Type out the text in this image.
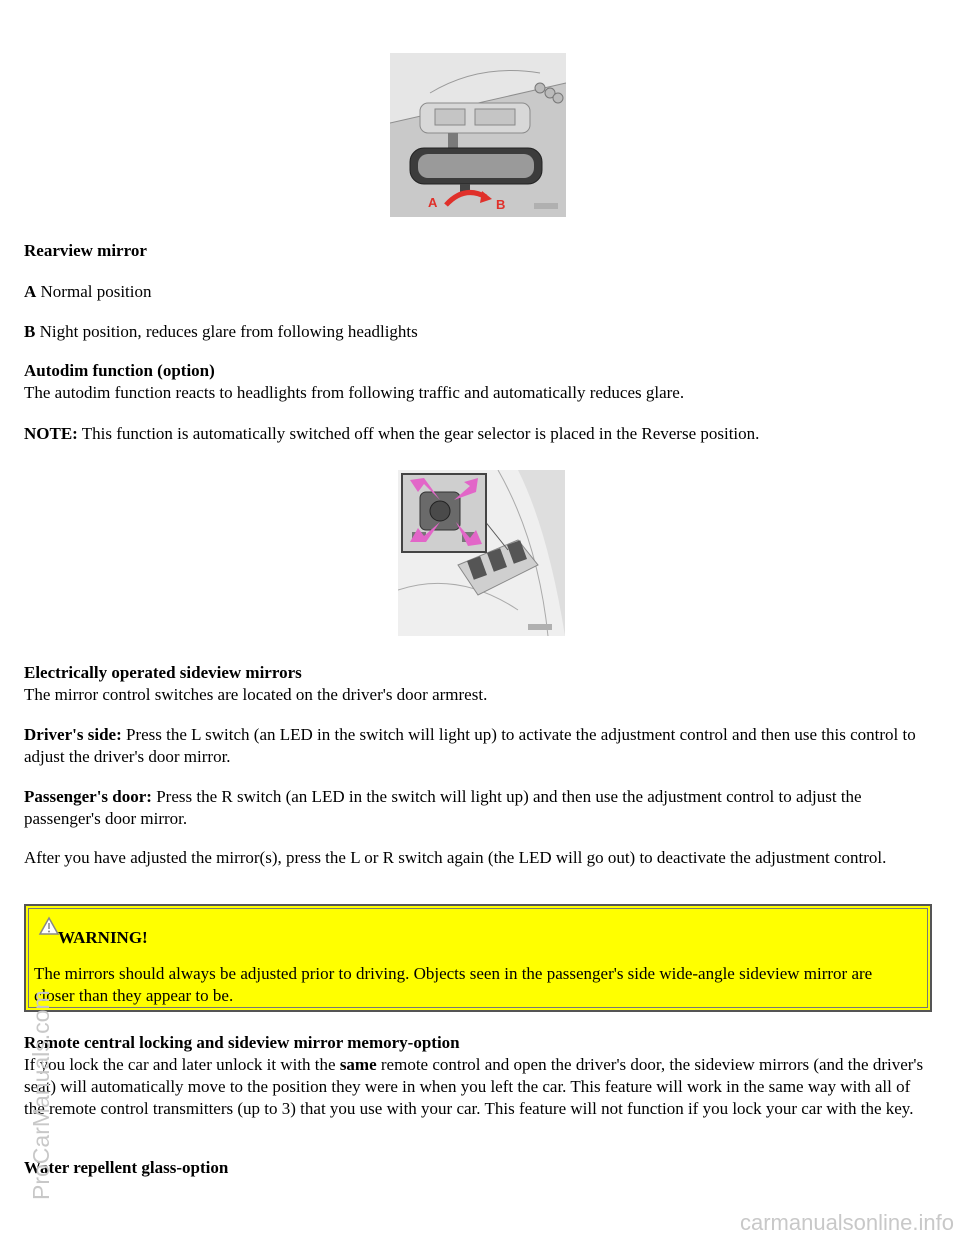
A	B

Rearview mirror

A Normal position

B Night position, reduces glare from following headlights

Autodim function (option)

The autodim function reacts to headlights from following traffic and automatically reduces glare.

NOTE: This function is automatically switched off when the gear selector is placed in the Reverse position.

Electrically operated sideview mirrors

The mirror control switches are located on the driver's door armrest.

Driver's side: Press the L switch (an LED in the switch will light up) to activate the adjustment control and then use this control to adjust the driver's door mirror.

Passenger's door: Press the R switch (an LED in the switch will light up) and then use the adjustment control to adjust the passenger's door mirror.

After you have adjusted the mirror(s), press the L or R switch again (the LED will go out) to deactivate the adjustment control.

WARNING!

The mirrors should always be adjusted prior to driving. Objects seen in the passenger's side wide-angle sideview mirror are closer than they appear to be.

Remote central locking and sideview mirror memory-option

If you lock the car and later unlock it with the same remote control and open the driver's door, the sideview mirrors (and the driver's seat) will automatically move to the position they were in when you left the car. This feature will work in the same way with all of the remote control transmitters (up to 3) that you use with your car. This feature will not function if you lock your car with the key.

Water repellent glass-option

ProCarManuals.com
carmanualsonline.info
